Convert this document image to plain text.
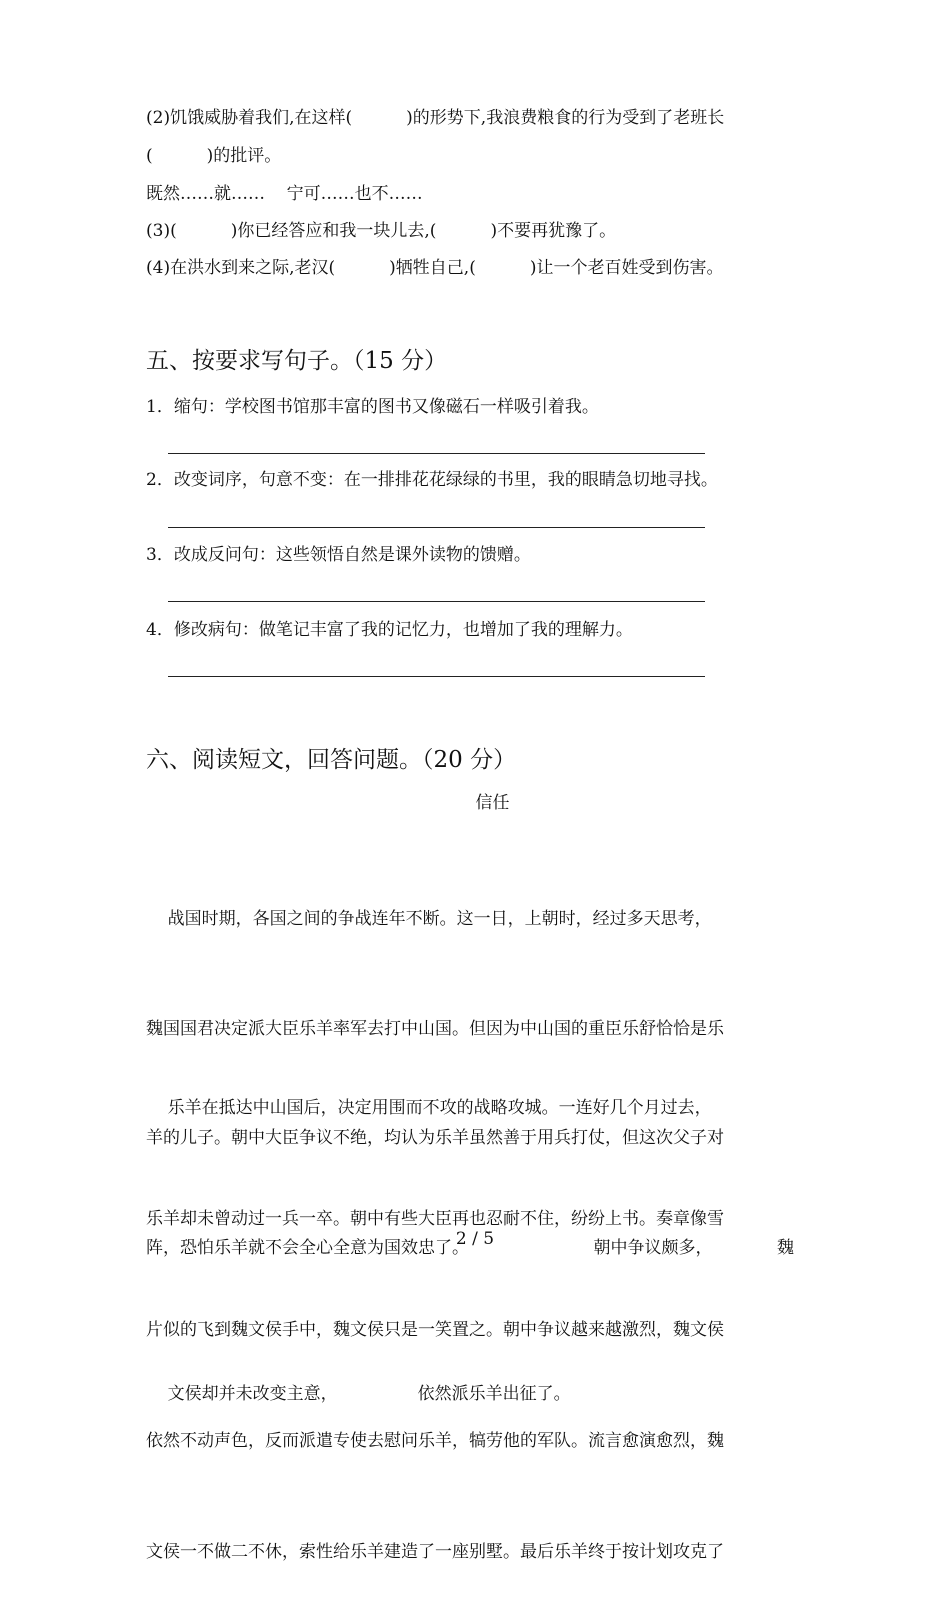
(2)饥饿威胁着我们,在这样(          )的形势下,我浪费粮食的行为受到了老班长
(          )的批评。
既然……就……    宁可……也不……
(3)(          )你已经答应和我一块儿去,(          )不要再犹豫了。
(4)在洪水到来之际,老汉(          )牺牲自己,(          )让一个老百姓受到伤害。
五、按要求写句子。（15 分）
1．缩句：学校图书馆那丰富的图书又像磁石一样吸引着我。
2．改变词序，句意不变：在一排排花花绿绿的书里，我的眼睛急切地寻找。
3．改成反问句：这些领悟自然是课外读物的馈赠。
4．修改病句：做笔记丰富了我的记忆力，也增加了我的理解力。
六、阅读短文，回答问题。（20 分）
信任

战国时期，各国之间的争战连年不断。这一日，上朝时，经过多天思考，

魏国国君决定派大臣乐羊率军去打中山国。但因为中山国的重臣乐舒恰恰是乐

羊的儿子。朝中大臣争议不绝，均认为乐羊虽然善于用兵打仗，但这次父子对

阵，恐怕乐羊就不会全心全意为国效忠了。	朝中争议颇多，	魏

文侯却并未改变主意，	依然派乐羊出征了。

乐羊在抵达中山国后，决定用围而不攻的战略攻城。一连好几个月过去，

乐羊却未曾动过一兵一卒。朝中有些大臣再也忍耐不住，纷纷上书。奏章像雪

片似的飞到魏文侯手中，魏文侯只是一笑置之。朝中争议越来越激烈，魏文侯

依然不动声色，反而派遣专使去慰问乐羊，犒劳他的军队。流言愈演愈烈，魏

文侯一不做二不休，索性给乐羊建造了一座别墅。最后乐羊终于按计划攻克了

2 / 5
